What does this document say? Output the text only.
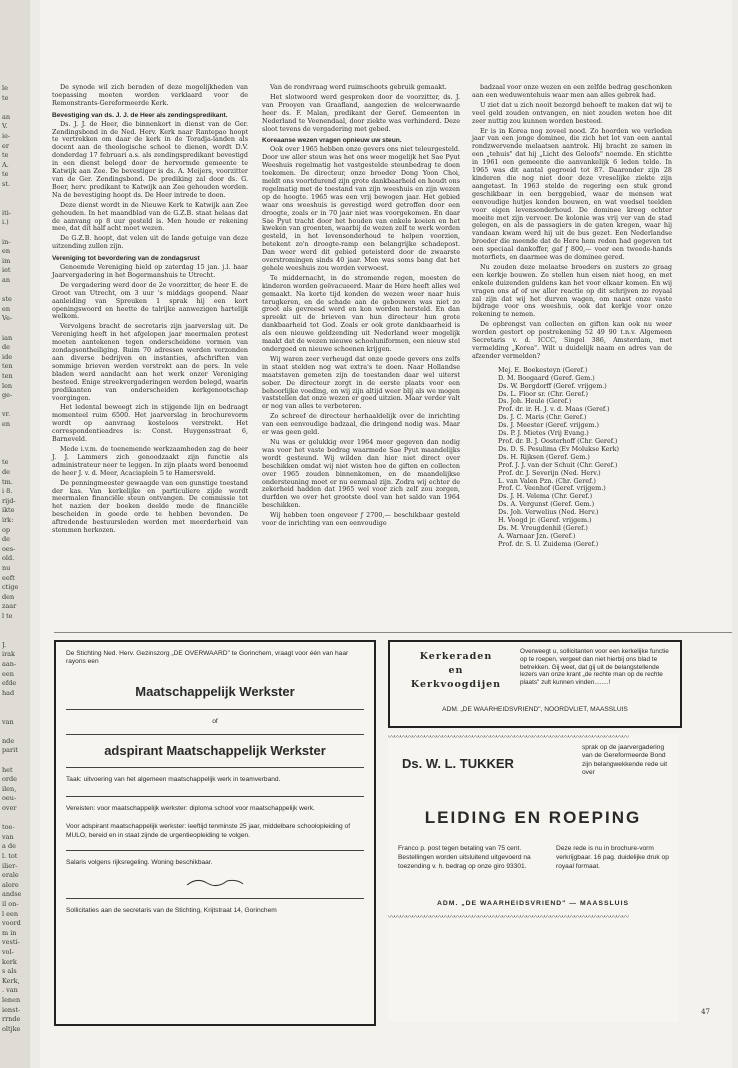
le
te
an
V.
ie-
er
te
A.
te
st.
iti-
i.)
in-
en
im
iet
an
ste
en
Ve-
ian
de
ide
ten
ten
len
ge-
vr.
en
te
de
tm.
i 8.
rijd-
ikte
irk:
op
de
oes-
old.
nu
eeft
ctige
den
zaar
l te
J.
irak
aan-
een
efde
had
van
nde
parit
het
orde
ilen,
oeu-
over
toe-
van
a de
l. tot
ilier-
erale
alere
andse
il on-
l een
voord
m in
vesti-
vol-
kerk
s als
Kerk,
. van
lenen
ienst-
rrnde
oltjke

De synode wil zich beraden of deze mogelijkheden van toepassing moeten worden verklaard voor de Remonstrants-Gereformeerde Kerk.

Bevestiging van ds. J. J. de Heer als zendingspredikant.

Ds. J. J. de Heer, die binnenkort in dienst van de Ger. Zendingsbond in de Ned. Herv. Kerk naar Rantepao hoopt te vertrekken om daar de kerk in de Toradja-landen als docent aan de theologische school te dienen, wordt D.V. donderdag 17 februari a.s. als zendingspredikant bevestigd in een dienst belegd door de hervormde gemeente te Katwijk aan Zee. De bevestiger is ds. A. Meijers, voorzitter van de Ger. Zendingsbond. De prediking zal door ds. G. Boer, herv. predikant te Katwijk aan Zee gehouden worden. Na de bevestiging hoopt ds. De Heer intrede te doen.

Deze dienst wordt in de Nieuwe Kerk te Katwijk aan Zee gehouden. In het maandblad van de G.Z.B. staat helaas dat de aanvang op 8 uur gesteld is. Men houde er rekening mee, dat dit half acht moet wezen.

De G.Z.B. hoopt, dat velen uit de lande getuige van deze uitzending zullen zijn.

Vereniging tot bevordering van de zondagsrust

Genoemde Vereniging hield op zaterdag 15 jan. j.l. haar Jaarvergadering in het Bogermanshuis te Utrecht.

De vergadering werd door de 2e voorzitter, de heer E. de Groot van Utrecht, om 3 uur 's middags geopend. Naar aanleiding van Spreuken 1 sprak hij een kort openingswoord en heette de talrijke aanwezigen hartelijk welkom.

Vervolgens bracht de secretaris zijn jaarverslag uit. De Vereniging heeft in het afgelopen jaar meermalen protest moeten aantekenen tegen onderscheidene vormen van zondagsontheiliging. Ruim 70 adressen werden verzonden aan diverse bedrijven en instanties, afschriften van sommige brieven werden verstrekt aan de pers. In vele bladen werd aandacht aan het werk onzer Vereniging besteed. Enige streekvergaderingen werden belegd, waarin predikanten van onderscheiden kerkgenootschap voorgingen.

Het ledental beweegt zich in stijgende lijn en bedraagt momenteel ruim 6500. Het jaarverslag in brochurevorm wordt op aanvraag kosteloos verstrekt. Het correspondentieadres is: Const. Huygensstraat 6, Barneveld.

Mede i.v.m. de toenemende werkzaamheden zag de heer J. J. Lammers zich genoodzaakt zijn functie als administrateur neer te leggen. In zijn plaats werd benoemd de heer J. v. d. Meer, Acaciaplein 5 te Hamersveld.

De penningmeester gewaagde van een gunstige toestand der kas. Van kerkelijke en particuliere zijde wordt meermalen financiële steun ontvangen. De commissie tot het nazien der boeken deelde mede de financiële bescheiden in goede orde te hebben bevonden. De aftredende bestuursleden werden met meerderheid van stemmen herkozen.

Van de rondvraag werd ruimschoots gebruik gemaakt.

Het slotwoord werd gesproken door de voorzitter, ds. J. van Prooyen van Graafland, aangezien de welcerwaarde heer ds. F. Malan, predikant der Geref. Gemeenten in Nederland te Veenendaal, door ziekte was verhinderd. Deze sloot tevens de vergadering met gebed.

Koreaanse wezen vragen opnieuw uw steun.

Ook over 1965 hebben onze gevers ons niet teleurgesteld. Door uw aller steun was het ons weer mogelijk het Sae Pyut Weeshuis regelmatig het vastgestelde steunbedrag te doen toekomen. De directeur, onze broeder Dong Yoon Choi, meldt ons voortdurend zijn grote dankbaarheid en houdt ons regelmatig met de toestand van zijn weeshuis en zijn wezen op de hoogte. 1965 was een vrij bewogen jaar. Het gebied waar ons weeshuis is gevestigd werd getroffen door een droogte, zoals er in 70 jaar niet was voorgekomen. En daar Sae Pyut tracht door het houden van enkele koeien en het kweken van groenten, waarbij de wezen zelf te werk worden gesteld, in het levensonderhoud te helpen voorzien, betekent zo'n droogte-ramp een belangrijke schadepost. Dan weer werd dit gebied geteisterd door de zwaarste overstromingen sinds 40 jaar. Men was soms bang dat het gehele weeshuis zou worden verwoest.

Te middernacht, in de stromende regen, moesten de kinderen worden geëvacueerd. Maar de Here heeft alles wel gemaakt. Na korte tijd konden de wezen weer naar huis terugkeren, en de schade aan de gebouwen was niet zo groot als gevreesd werd en kon worden hersteld. En dan spreekt uit de brieven van hun directeur hun grote dankbaarheid tot God. Zoals er ook grote dankbaarheid is als een nieuwe geldzending uit Nederland weer mogelijk maakt dat de wezen nieuwe schooluniformen, een nieuw stel ondergoed en nieuwe schoenen krijgen.

Wij waren zeer verheugd dat onze goede gevers ons zelfs in staat stelden nog wat extra's te doen. Naar Hollandse maatstaven gemeten zijn de toestanden daar wel uiterst sober. De directeur zorgt in de eerste plaats voor een behoorlijke voeding, en wij zijn altijd weer blij als we mogen vaststellen dat onze wezen er goed uitzien. Maar verder valt er nog van alles te verbeteren.

Zo schreef de directeur herhaaldelijk over de inrichting van een eenvoudige badzaal, die dringend nodig was. Maar er was geen geld.

Nu was er gelukkig over 1964 meer gegeven dan nodig was voor het vaste bedrag waarmede Sae Pyut maandelijks wordt gesteund. Wij wilden dan hier niet direct over beschikken omdat wij niet wisten hoe de giften en collecten over 1965 zouden binnenkomen, en de maandelijkse ondersteuning moet er nu eenmaal zijn. Zodra wij echter de zekerheid hadden dat 1965 wel voor zich zelf zou zorgen, durfden we over het grootste deel van het saldo van 1964 beschikken.

Wij hebben toen ongeveer ƒ 2700,— beschikbaar gesteld voor de inrichting van een eenvoudige

badzaal voor onze wezen en een zelfde bedrag geschonken aan een weduwentehuis waar men aan alles gebrek had.

U ziet dat u zich nooit bezorgd behoeft te maken dat wij te veel geld zouden ontvangen, en niet zouden weten hoe dit zeer nuttig zou kunnen worden besteed.

Er is in Korea nog zoveel nood. Zo hoorden we verleden jaar van een jonge dominee, die zich het lot van een aantal rondzwervende melaatsen aantrok. Hij bracht ze samen in een „tehuis" dat hij „Licht des Geloofs" noemde. En stichtte in 1961 een gemeente die aanvankelijk 6 leden telde. In 1965 was dit aantal gegroeid tot 87. Daaronder zijn 28 kinderen die nog niet door deze vreselijke ziekte zijn aangetast. In 1963 stelde de regering een stuk grond geschikbaar in een berggebied, waar de mensen wat eenvoudige hutjes konden bouwen, en wat voedsel teelden voor eigen levensonderhoud. De dominee kreeg echter moeite met zijn vervoer. De kolonie was vrij ver van de stad gelegen, en als de passagiers in de gaten kregen, waar hij vandaan kwam werd hij uit de bus gezet. Een Nederlandse broeder die meende dat de Here hem reden had gegeven tot een speciaal dankoffer, gaf ƒ 800,— voor een tweede-hands motorfiets, en daarmee was de dominee gered.

Nu zouden deze melaatse broeders en zusters zo graag een kerkje bouwen. Ze stellen hun eisen niet hoog, en met enkele duizenden guldens kan het voor elkaar komen. En wij vragen ons af of uw aller reactie op dit schrijven zo royaal zal zijn dat wij het durven wagen, om naast onze vaste bijdrage voor ons weeshuis, ook dat kerkje voor onze rekening te nemen.

De opbrengst van collecten en giften kan ook nu weer worden gestort op postrekening 52 49 90 t.n.v. Algemeen Secretaris v. d. ICCC, Singel 386, Amsterdam, met vermelding „Korea". Wilt u duidelijk naam en adres van de afzender vermelden?

Mej. E. Boekesteyn (Geref.)
D. M. Boogaard (Geref. Gem.)
Ds. W. Borgdorff (Geref. vrijgem.)
Ds. L. Floor sr. (Chr. Geref.)
Ds. Joh. Heule (Geref.)
Prof. dr. ir. H. J. v. d. Maas (Geref.)
Ds. J. C. Maris (Chr. Geref.)
Ds. J. Meester (Geref. vrijgem.)
Ds. P. J. Mietes (Vrij Evang.)
Prof. dr. B. J. Oosterhoff (Chr. Geref.)
Ds. D. S. Pesulima (Ev Molukse Kerk)
Ds. H. Rijksen (Geref. Gem.)
Prof. J. J. van der Schuit (Chr. Geref.)
Prof. dr. J. Severijn (Ned. Herv.)
L. van Valen Pzn. (Chr. Geref.)
Prof. C. Veenhof (Geref. vrijgem.)
Ds. J. H. Velema (Chr. Geref.)
Ds. A. Vergunst (Geref. Gem.)
Ds. Joh. Verwelius (Ned. Herv.)
H. Voogd jr. (Geref. vrijgem.)
Ds. M. Vreugdenhil (Geref.)
A. Warnaar Jzn. (Geref.)
Prof. dr. S. U. Zuidema (Geref.)
De Stichting Ned. Herv. Gezinszorg „DE OVERWAARD" te Gorinchem, vraagt voor één van haar rayons een
Maatschappelijk Werkster
of
adspirant Maatschappelijk Werkster
Taak: uitvoering van het algemeen maatschappelijk werk in teamverband.
Vereisten: voor maatschappelijk werkster: diploma school voor maatschappelijk werk.
Voor adspirant maatschappelijk werkster: leeftijd tenminste 25 jaar, middelbare schoolopleiding of MULO, bereid en in staat zijnde de urgentieopleiding te volgen.
Salaris volgens rijksregeling. Woning beschikbaar.
Sollicitaties aan de secretaris van de Stichting, Krijtstraat 14, Gorinchem
Kerkeraden
en
Kerkvoogdijen
Overweegt u, sollicitanten voor een kerkelijke functie op te roepen, vergeet dan niet hierbij ons blad te betrekken. Gij weet, dat gij uit de belangstellende lezers van onze krant „de rechte man op de rechte plaats" zult kunnen vinden........!
ADM. „DE WAARHEIDSVRIEND", NOORDVLIET, MAASSLUIS
〰〰〰〰〰〰〰〰〰〰〰〰〰〰〰〰〰〰〰〰〰〰〰〰〰〰〰〰〰〰〰〰〰〰〰〰〰〰〰〰
Ds. W. L. TUKKER
sprak op de jaarvergadering van de Gereformeerde Bond zijn belangwekkende rede uit over
LEIDING EN ROEPING
Franco p. post tegen betaling van 75 cent. Bestellingen worden uitsluitend uitgevoerd na toezending v. h. bedrag op onze giro 93301.
Deze rede is nu in brochure-vorm verkrijgbaar. 16 pag. duidelijke druk op royaal formaat.
ADM. „DE WAARHEIDSVRIEND" — MAASSLUIS
〰〰〰〰〰〰〰〰〰〰〰〰〰〰〰〰〰〰〰〰〰〰〰〰〰〰〰〰〰〰〰〰〰〰〰〰〰〰〰〰
47
